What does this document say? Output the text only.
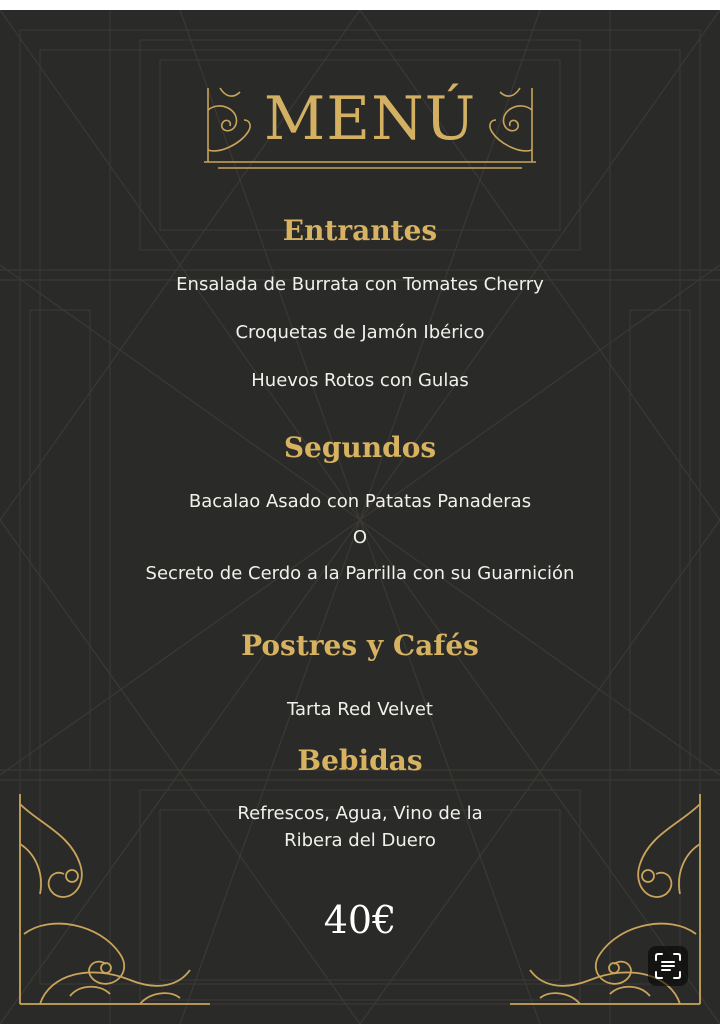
MENÚ
Entrantes
Ensalada de Burrata con Tomates Cherry
Croquetas de Jamón Ibérico
Huevos Rotos con Gulas
Segundos
Bacalao Asado con Patatas Panaderas
O
Secreto de Cerdo a la Parrilla con su Guarnición
Postres y Cafés
Tarta Red Velvet
Bebidas
Refrescos, Agua, Vino de la
Ribera del Duero
40€
